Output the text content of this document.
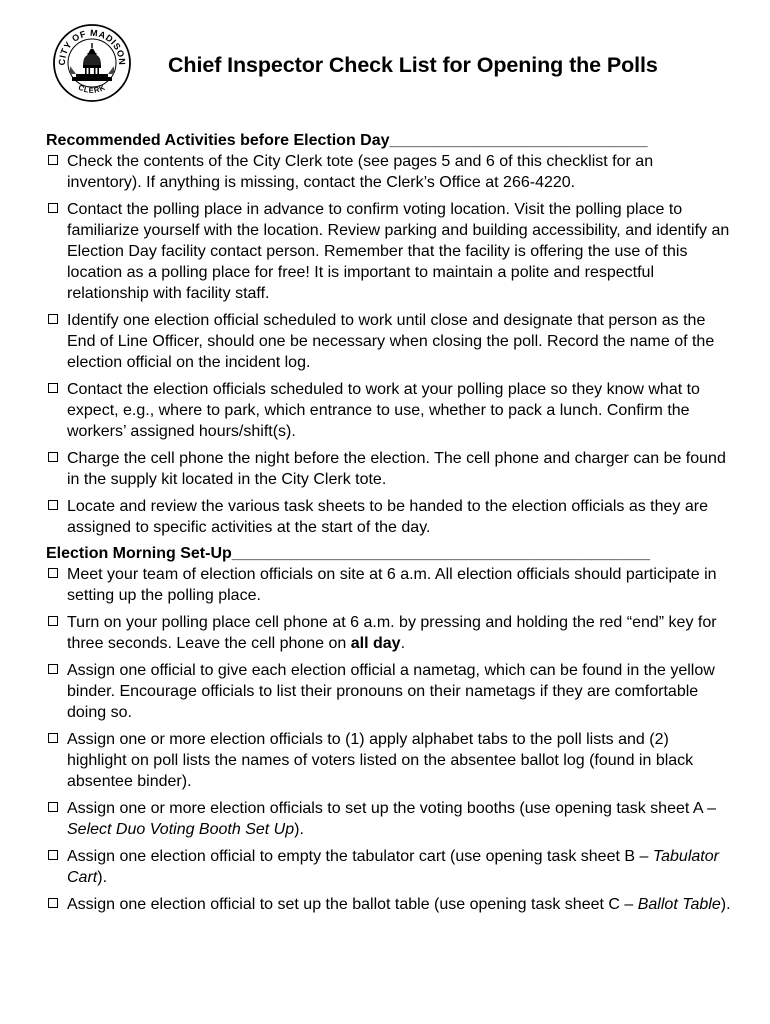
CITY OF MADISON
CLERK
Chief Inspector Check List for Opening the Polls
Recommended Activities before Election Day_____________________________
Check the contents of the City Clerk tote (see pages 5 and 6 of this checklist for an inventory). If anything is missing, contact the Clerk’s Office at 266-4220.
Contact the polling place in advance to confirm voting location. Visit the polling place to familiarize yourself with the location. Review parking and building accessibility, and identify an Election Day facility contact person. Remember that the facility is offering the use of this location as a polling place for free! It is important to maintain a polite and respectful relationship with facility staff.
Identify one election official scheduled to work until close and designate that person as the End of Line Officer, should one be necessary when closing the poll. Record the name of the election official on the incident log.
Contact the election officials scheduled to work at your polling place so they know what to expect, e.g., where to park, which entrance to use, whether to pack a lunch. Confirm the workers’ assigned hours/shift(s).
Charge the cell phone the night before the election. The cell phone and charger can be found in the supply kit located in the City Clerk tote.
Locate and review the various task sheets to be handed to the election officials as they are assigned to specific activities at the start of the day.
Election Morning Set-Up_______________________________________________
Meet your team of election officials on site at 6 a.m. All election officials should participate in setting up the polling place.
Turn on your polling place cell phone at 6 a.m. by pressing and holding the red “end” key for three seconds. Leave the cell phone on all day.
Assign one official to give each election official a nametag, which can be found in the yellow binder. Encourage officials to list their pronouns on their nametags if they are comfortable doing so.
Assign one or more election officials to (1) apply alphabet tabs to the poll lists and (2) highlight on poll lists the names of voters listed on the absentee ballot log (found in black absentee binder).
Assign one or more election officials to set up the voting booths (use opening task sheet A – Select Duo Voting Booth Set Up).
Assign one election official to empty the tabulator cart (use opening task sheet B – Tabulator Cart).
Assign one election official to set up the ballot table (use opening task sheet C – Ballot Table).
